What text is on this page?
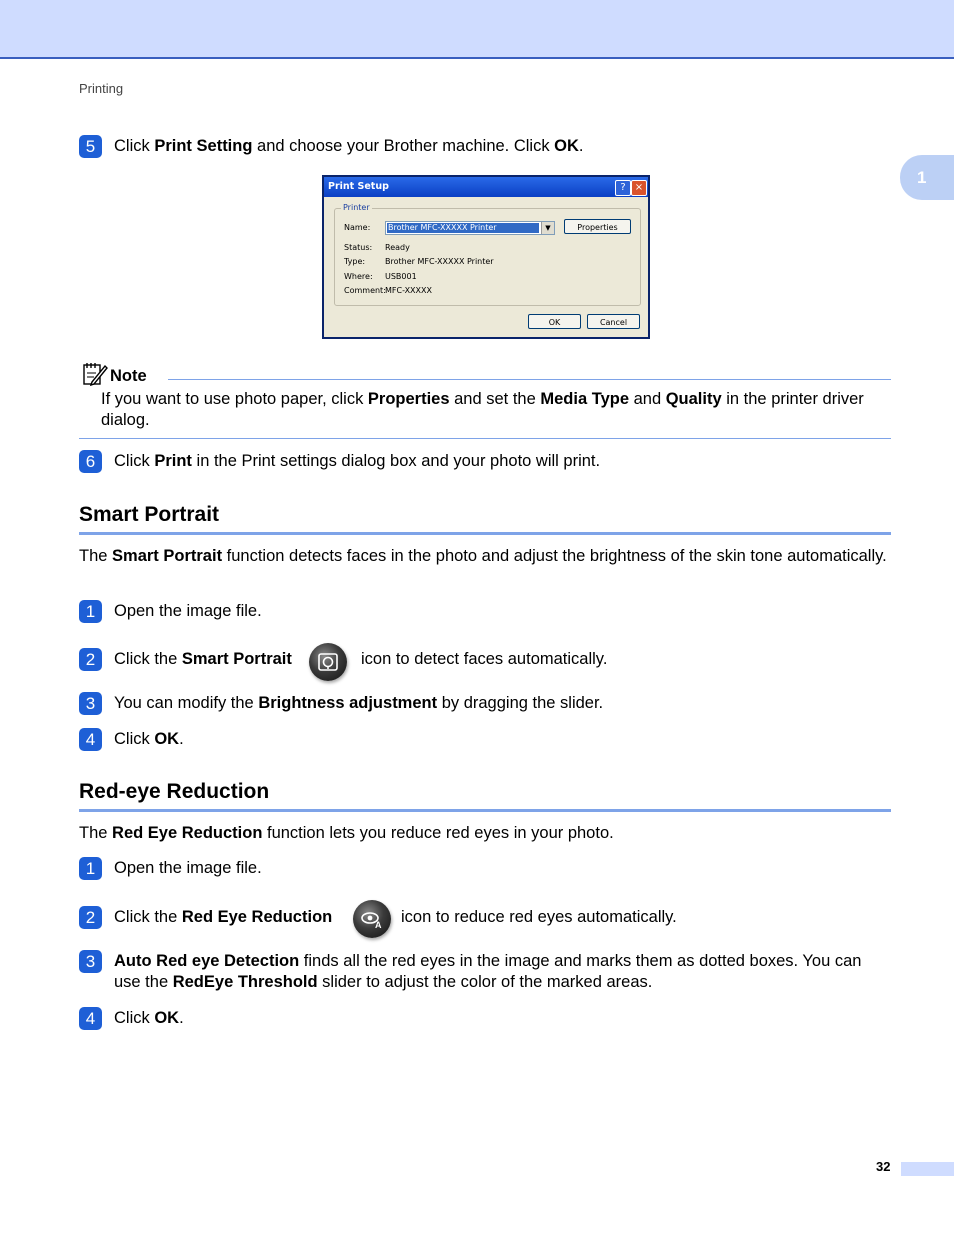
Printing
1
5	Click Print Setting and choose your Brother machine. Click OK.
Print Setup	? ×
Printer
Name: Brother MFC-XXXXX Printer	▼	Properties
Status: Ready
Type: Brother MFC-XXXXX Printer
Where: USB001
Comment: MFC-XXXXX
OK	Cancel
Note
If you want to use photo paper, click Properties and set the Media Type and Quality in the printer driver dialog.
6	Click Print in the Print settings dialog box and your photo will print.
Smart Portrait
The Smart Portrait function detects faces in the photo and adjust the brightness of the skin tone automatically.
1	Open the image file.
2	Click the Smart Portrait	icon to detect faces automatically.
3	You can modify the Brightness adjustment by dragging the slider.
4	Click OK.
Red-eye Reduction
The Red Eye Reduction function lets you reduce red eyes in your photo.
1	Open the image file.
2	Click the Red Eye Reduction	icon to reduce red eyes automatically.
A
3	Auto Red eye Detection finds all the red eyes in the image and marks them as dotted boxes. You can use the RedEye Threshold slider to adjust the color of the marked areas.
4	Click OK.
32
